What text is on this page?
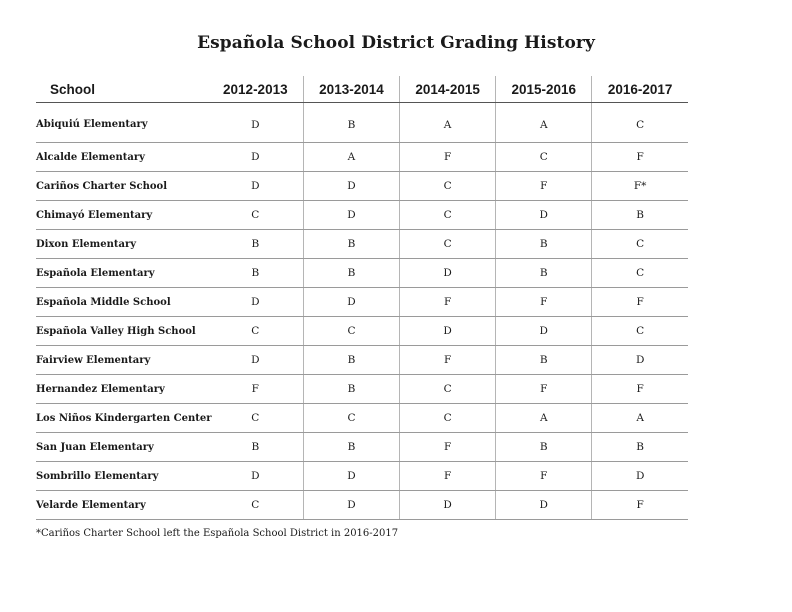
Española School District Grading History
School	2012-2013	2013-2014	2014-2015	2015-2016	2016-2017
Abiquiú Elementary	D	B	A	A	C
Alcalde Elementary	D	A	F	C	F
Cariños Charter School	D	D	C	F	F*
Chimayó Elementary	C	D	C	D	B
Dixon Elementary	B	B	C	B	C
Española Elementary	B	B	D	B	C
Española Middle School	D	D	F	F	F
Española Valley High School	C	C	D	D	C
Fairview Elementary	D	B	F	B	D
Hernandez Elementary	F	B	C	F	F
Los Niños Kindergarten Center	C	C	C	A	A
San Juan Elementary	B	B	F	B	B
Sombrillo Elementary	D	D	F	F	D
Velarde Elementary	C	D	D	D	F
*Cariños Charter School left the Española School District in 2016-2017
